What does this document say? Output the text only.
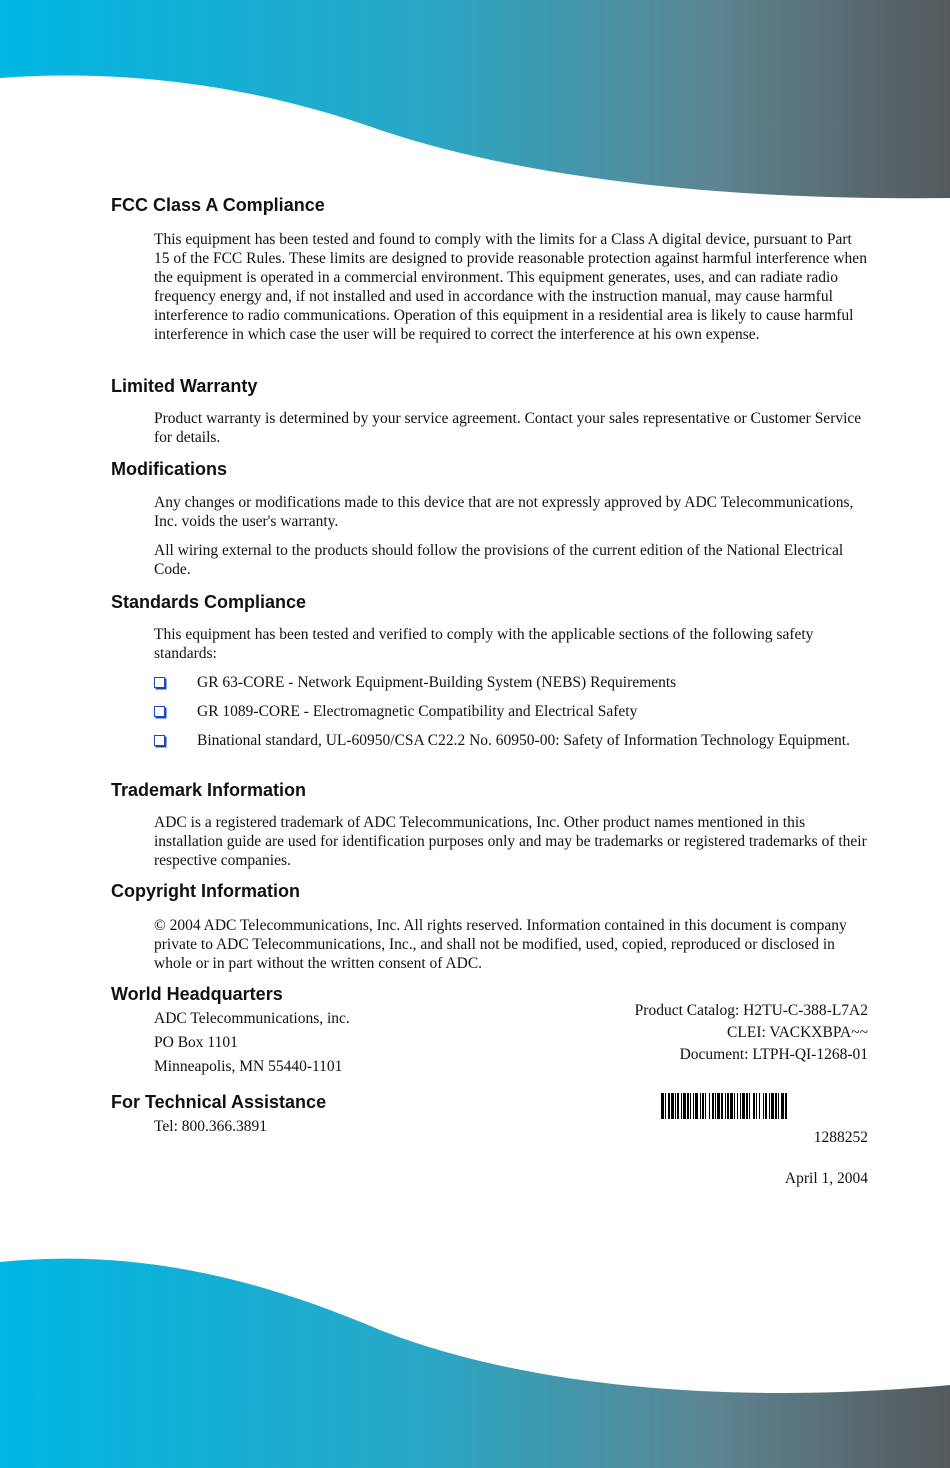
FCC Class A Compliance

This equipment has been tested and found to comply with the limits for a Class A digital device, pursuant to Part 15 of the FCC Rules. These limits are designed to provide reasonable protection against harmful interference when the equipment is operated in a commercial environment. This equipment generates, uses, and can radiate radio frequency energy and, if not installed and used in accordance with the instruction manual, may cause harmful interference to radio communications. Operation of this equipment in a residential area is likely to cause harmful interference in which case the user will be required to correct the interference at his own expense.

Limited Warranty

Product warranty is determined by your service agreement. Contact your sales representative or Customer Service for details.

Modifications

Any changes or modifications made to this device that are not expressly approved by ADC Telecommunications, Inc. voids the user's warranty.

All wiring external to the products should follow the provisions of the current edition of the National Electrical Code.

Standards Compliance

This equipment has been tested and verified to comply with the applicable sections of the following safety standards:

GR 63-CORE - Network Equipment-Building System (NEBS) Requirements
GR 1089-CORE - Electromagnetic Compatibility and Electrical Safety
Binational standard, UL-60950/CSA C22.2 No. 60950-00: Safety of Information Technology Equipment.
Trademark Information

ADC is a registered trademark of ADC Telecommunications, Inc. Other product names mentioned in this installation guide are used for identification purposes only and may be trademarks or registered trademarks of their respective companies.

Copyright Information

© 2004 ADC Telecommunications, Inc. All rights reserved. Information contained in this document is company private to ADC Telecommunications, Inc., and shall not be modified, used, copied, reproduced or disclosed in whole or in part without the written consent of ADC.

World Headquarters
ADC Telecommunications, inc.
PO Box 1101
Minneapolis, MN 55440-1101
For Technical Assistance
Tel: 800.366.3891
Product Catalog: H2TU-C-388-L7A2
CLEI: VACKXBPA~~
Document: LTPH-QI-1268-01
1288252
April 1, 2004
